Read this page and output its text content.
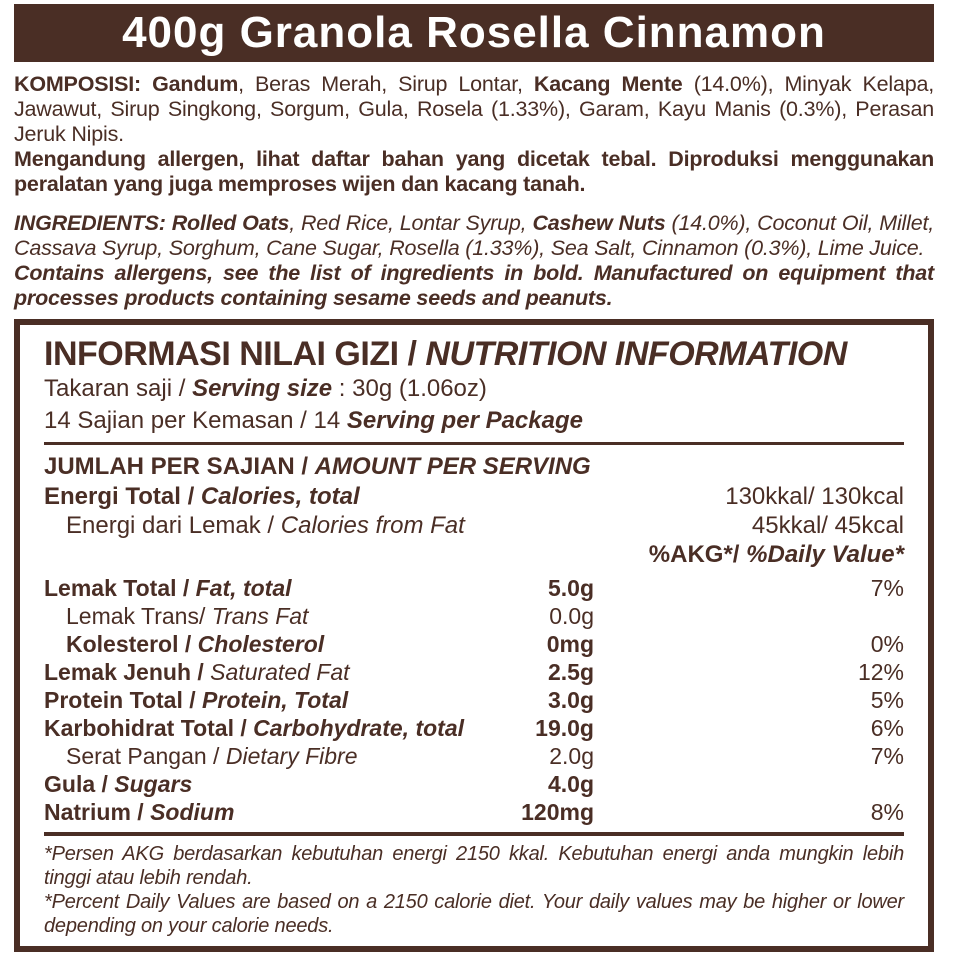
400g Granola Rosella Cinnamon

KOMPOSISI: Gandum, Beras Merah, Sirup Lontar, Kacang Mente (14.0%), Minyak Kelapa, Jawawut, Sirup Singkong, Sorgum, Gula, Rosela (1.33%), Garam, Kayu Manis (0.3%), Perasan Jeruk Nipis.

Mengandung allergen, lihat daftar bahan yang dicetak tebal. Diproduksi menggunakan peralatan yang juga memproses wijen dan kacang tanah.

INGREDIENTS: Rolled Oats, Red Rice, Lontar Syrup, Cashew Nuts (14.0%), Coconut Oil, Millet, Cassava Syrup, Sorghum, Cane Sugar, Rosella (1.33%), Sea Salt, Cinnamon (0.3%), Lime Juice.

Contains allergens, see the list of ingredients in bold. Manufactured on equipment that processes products containing sesame seeds and peanuts.

INFORMASI NILAI GIZI / NUTRITION INFORMATION
Takaran saji / Serving size : 30g (1.06oz)
14 Sajian per Kemasan / 14 Serving per Package
JUMLAH PER SAJIAN / AMOUNT PER SERVING
Energi Total / Calories, total	130kkal/ 130kcal
Energi dari Lemak / Calories from Fat	45kkal/ 45kcal
%AKG*/ %Daily Value*
Lemak Total / Fat, total	5.0g	7%
Lemak Trans/ Trans Fat	0.0g
Kolesterol / Cholesterol	0mg	0%
Lemak Jenuh / Saturated Fat	2.5g	12%
Protein Total / Protein, Total	3.0g	5%
Karbohidrat Total / Carbohydrate, total	19.0g	6%
Serat Pangan / Dietary Fibre	2.0g	7%
Gula / Sugars	4.0g
Natrium / Sodium	120mg	8%

*Persen AKG berdasarkan kebutuhan energi 2150 kkal. Kebutuhan energi anda mungkin lebih tinggi atau lebih rendah.

*Percent Daily Values are based on a 2150 calorie diet. Your daily values may be higher or lower depending on your calorie needs.
